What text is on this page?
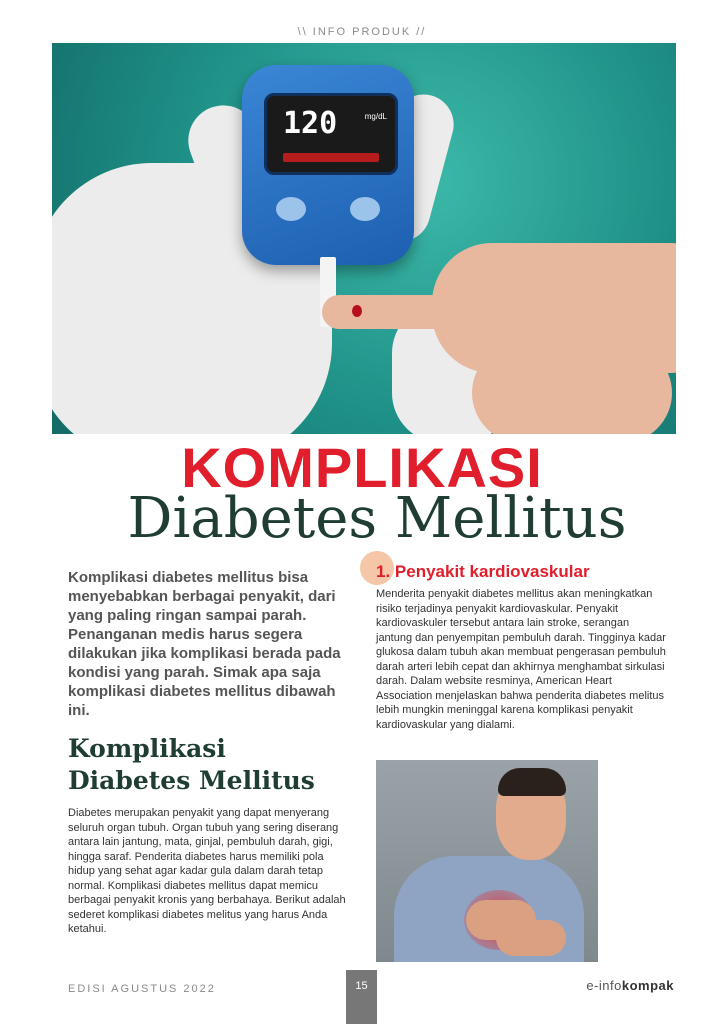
\\ INFO PRODUK //
120	mg/dL
KOMPLIKASI
Diabetes Mellitus
Komplikasi diabetes mellitus bisa menyebabkan berbagai penyakit, dari yang paling ringan sampai parah. Penanganan medis harus segera dilakukan jika komplikasi berada pada kondisi yang parah. Simak apa saja komplikasi diabetes mellitus dibawah ini.
Komplikasi
Diabetes Mellitus
Diabetes merupakan penyakit yang dapat menyerang seluruh organ tubuh. Organ tubuh yang sering diserang antara lain jantung, mata, ginjal, pembuluh darah, gigi, hingga saraf. Penderita diabetes harus memiliki pola hidup yang sehat agar kadar gula dalam darah tetap normal. Komplikasi diabetes mellitus dapat memicu berbagai penyakit kronis yang berbahaya. Berikut adalah sederet komplikasi diabetes melitus yang harus Anda ketahui.
1. Penyakit kardiovaskular
Menderita penyakit diabetes mellitus akan meningkatkan risiko terjadinya penyakit kardiovaskular. Penyakit kardiovaskuler tersebut antara lain stroke, serangan jantung dan penyempitan pembuluh darah. Tingginya kadar glukosa dalam tubuh akan membuat pengerasan pembuluh darah arteri lebih cepat dan akhirnya menghambat sirkulasi darah. Dalam website resminya, American Heart Association menjelaskan bahwa penderita diabetes melitus lebih mungkin meninggal karena komplikasi penyakit kardiovaskular yang dialami.
EDISI AGUSTUS 2022	15	e-infokompak
